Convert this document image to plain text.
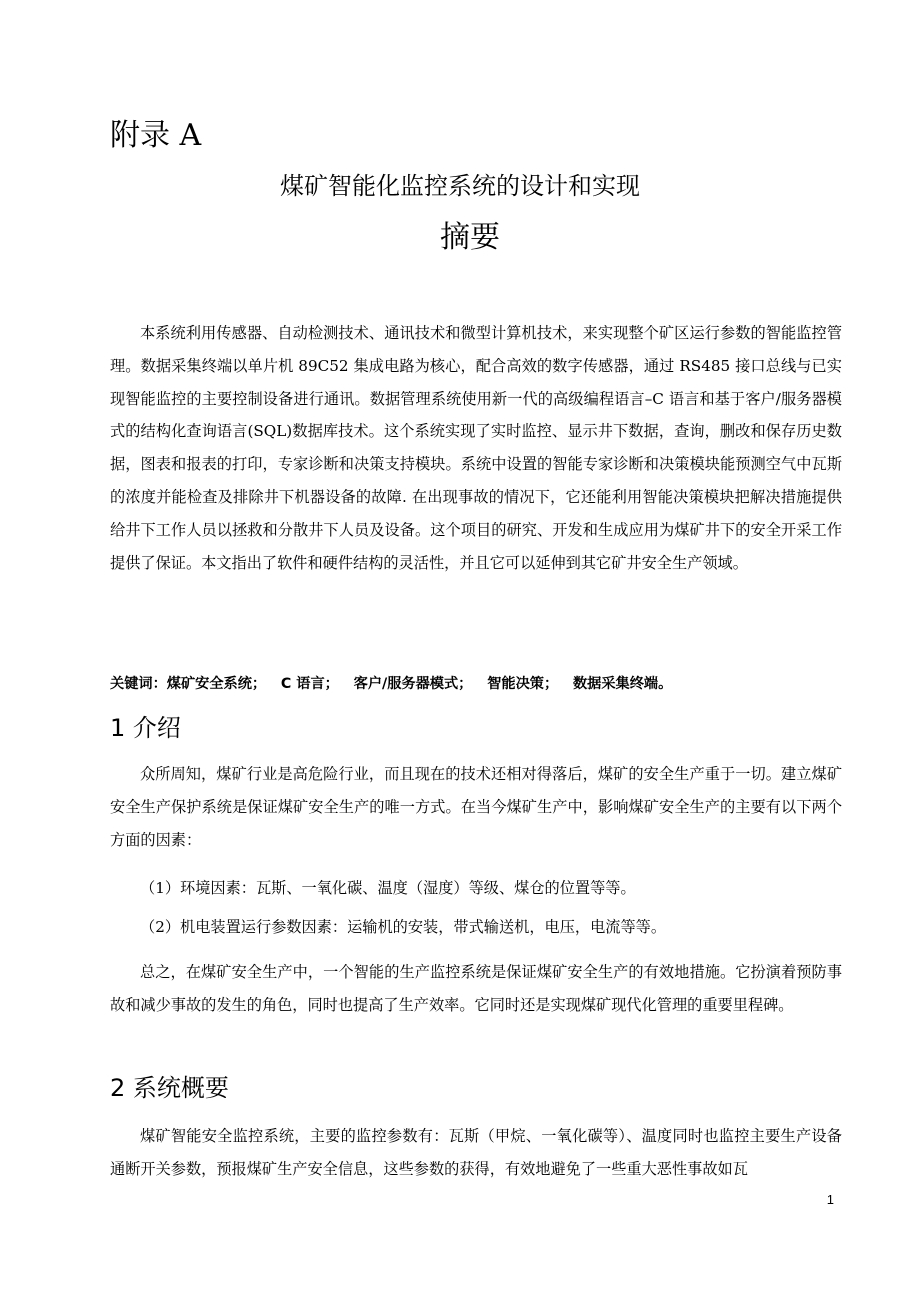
附录 A
煤矿智能化监控系统的设计和实现
摘要

本系统利用传感器、自动检测技术、通讯技术和微型计算机技术，来实现整个矿区运行参数的智能监控管理。数据采集终端以单片机 89C52 集成电路为核心，配合高效的数字传感器，通过 RS485 接口总线与已实现智能监控的主要控制设备进行通讯。数据管理系统使用新一代的高级编程语言–C 语言和基于客户/服务器模式的结构化查询语言(SQL)数据库技术。这个系统实现了实时监控、显示井下数据，查询，删改和保存历史数据，图表和报表的打印，专家诊断和决策支持模块。系统中设置的智能专家诊断和决策模块能预测空气中瓦斯的浓度并能检查及排除井下机器设备的故障. 在出现事故的情况下，它还能利用智能决策模块把解决措施提供给井下工作人员以拯救和分散井下人员及设备。这个项目的研究、开发和生成应用为煤矿井下的安全开采工作提供了保证。本文指出了软件和硬件结构的灵活性，并且它可以延伸到其它矿井安全生产领域。

关键词：煤矿安全系统； C 语言； 客户/服务器模式； 智能决策； 数据采集终端。

1 介绍

众所周知，煤矿行业是高危险行业，而且现在的技术还相对得落后，煤矿的安全生产重于一切。建立煤矿安全生产保护系统是保证煤矿安全生产的唯一方式。在当今煤矿生产中，影响煤矿安全生产的主要有以下两个方面的因素：

（1）环境因素：瓦斯、一氧化碳、温度（湿度）等级、煤仓的位置等等。

（2）机电装置运行参数因素：运输机的安装，带式输送机，电压，电流等等。

总之，在煤矿安全生产中，一个智能的生产监控系统是保证煤矿安全生产的有效地措施。它扮演着预防事故和减少事故的发生的角色，同时也提高了生产效率。它同时还是实现煤矿现代化管理的重要里程碑。

2 系统概要

煤矿智能安全监控系统，主要的监控参数有：瓦斯（甲烷、一氧化碳等）、温度同时也监控主要生产设备通断开关参数，预报煤矿生产安全信息，这些参数的获得，有效地避免了一些重大恶性事故如瓦

1
